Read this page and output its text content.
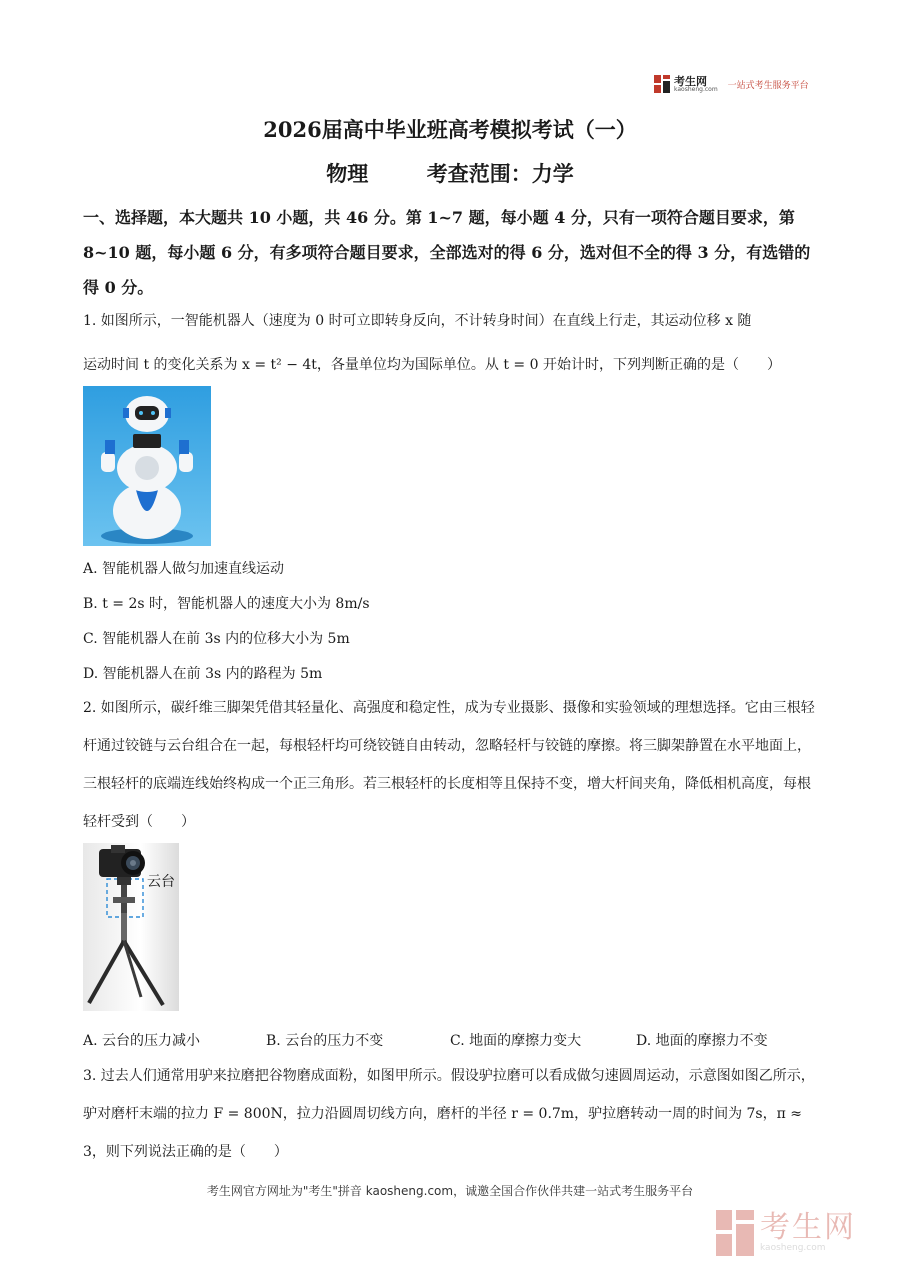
考生网
kaosheng.com 一站式考生服务平台
2026届高中毕业班高考模拟考试（一）
物理	考查范围：力学
一、选择题，本大题共 10 小题，共 46 分。第 1~7 题，每小题 4 分，只有一项符合题目要求，第 8~10 题，每小题 6 分，有多项符合题目要求，全部选对的得 6 分，选对但不全的得 3 分，有选错的得 0 分。
1. 如图所示，一智能机器人（速度为 0 时可立即转身反向，不计转身时间）在直线上行走，其运动位移 x 随
运动时间 t 的变化关系为 x = t² − 4t，各量单位均为国际单位。从 t = 0 开始计时，下列判断正确的是（　　）
A. 智能机器人做匀加速直线运动
B. t = 2s 时，智能机器人的速度大小为 8m/s
C. 智能机器人在前 3s 内的位移大小为 5m
D. 智能机器人在前 3s 内的路程为 5m
2. 如图所示，碳纤维三脚架凭借其轻量化、高强度和稳定性，成为专业摄影、摄像和实验领域的理想选择。它由三根轻杆通过铰链与云台组合在一起，每根轻杆均可绕铰链自由转动，忽略轻杆与铰链的摩擦。将三脚架静置在水平地面上，三根轻杆的底端连线始终构成一个正三角形。若三根轻杆的长度相等且保持不变，增大杆间夹角，降低相机高度，每根轻杆受到（　　）
云台
A. 云台的压力减小	B. 云台的压力不变	C. 地面的摩擦力变大	D. 地面的摩擦力不变
3. 过去人们通常用驴来拉磨把谷物磨成面粉，如图甲所示。假设驴拉磨可以看成做匀速圆周运动，示意图如图乙所示，驴对磨杆末端的拉力 F = 800N，拉力沿圆周切线方向，磨杆的半径 r = 0.7m，驴拉磨转动一周的时间为 7s，π ≈ 3，则下列说法正确的是（　　）
考生网官方网址为"考生"拼音 kaosheng.com，诚邀全国合作伙伴共建一站式考生服务平台
考生网
kaosheng.com
